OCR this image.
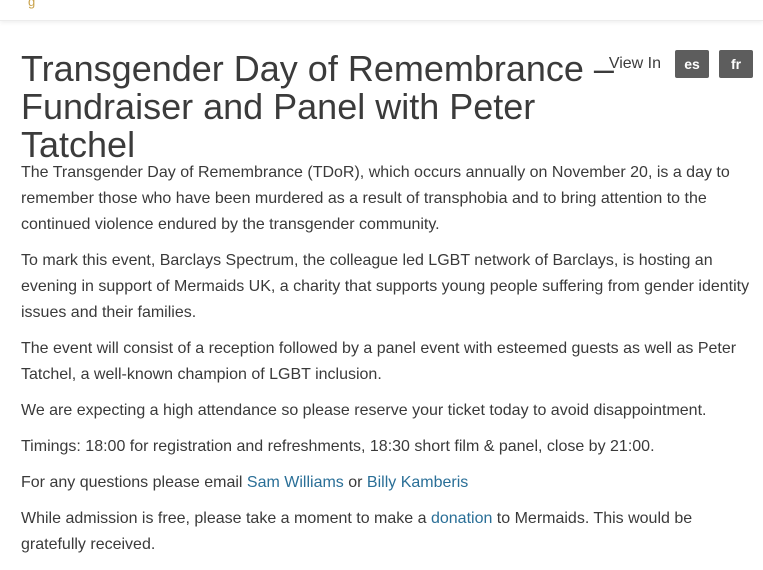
g
Transgender Day of Remembrance –
Fundraiser and Panel with Peter Tatchel
View In	es	fr

The Transgender Day of Remembrance (TDoR), which occurs annually on November 20, is a day to remember those who have been murdered as a result of transphobia and to bring attention to the continued violence endured by the transgender community.

To mark this event, Barclays Spectrum, the colleague led LGBT network of Barclays, is hosting an evening in support of Mermaids UK, a charity that supports young people suffering from gender identity issues and their families.

The event will consist of a reception followed by a panel event with esteemed guests as well as Peter Tatchel, a well-known champion of LGBT inclusion.

We are expecting a high attendance so please reserve your ticket today to avoid disappointment.

Timings: 18:00 for registration and refreshments, 18:30 short film & panel, close by 21:00.

For any questions please email Sam Williams or Billy Kamberis

While admission is free, please take a moment to make a donation to Mermaids. This would be gratefully received.
